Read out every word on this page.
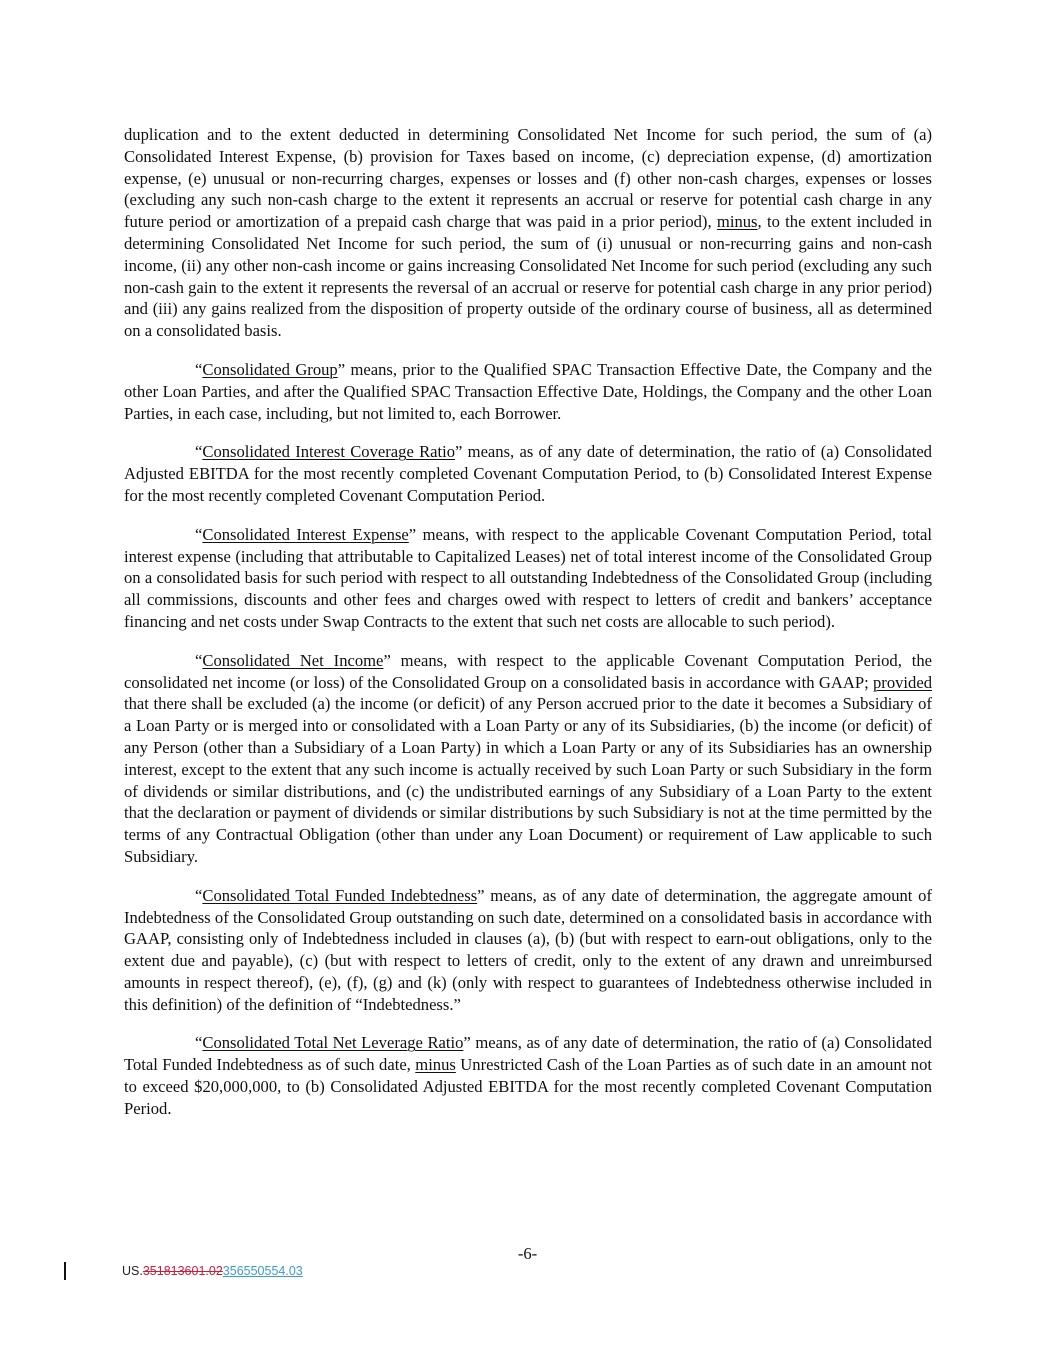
duplication and to the extent deducted in determining Consolidated Net Income for such period, the sum of (a) Consolidated Interest Expense, (b) provision for Taxes based on income, (c) depreciation expense, (d) amortization expense, (e) unusual or non-recurring charges, expenses or losses and (f) other non-cash charges, expenses or losses (excluding any such non-cash charge to the extent it represents an accrual or reserve for potential cash charge in any future period or amortization of a prepaid cash charge that was paid in a prior period), minus, to the extent included in determining Consolidated Net Income for such period, the sum of (i) unusual or non-recurring gains and non-cash income, (ii) any other non-cash income or gains increasing Consolidated Net Income for such period (excluding any such non-cash gain to the extent it represents the reversal of an accrual or reserve for potential cash charge in any prior period) and (iii) any gains realized from the disposition of property outside of the ordinary course of business, all as determined on a consolidated basis.

“Consolidated Group” means, prior to the Qualified SPAC Transaction Effective Date, the Company and the other Loan Parties, and after the Qualified SPAC Transaction Effective Date, Holdings, the Company and the other Loan Parties, in each case, including, but not limited to, each Borrower.

“Consolidated Interest Coverage Ratio” means, as of any date of determination, the ratio of (a) Consolidated Adjusted EBITDA for the most recently completed Covenant Computation Period, to (b) Consolidated Interest Expense for the most recently completed Covenant Computation Period.

“Consolidated Interest Expense” means, with respect to the applicable Covenant Computation Period, total interest expense (including that attributable to Capitalized Leases) net of total interest income of the Consolidated Group on a consolidated basis for such period with respect to all outstanding Indebtedness of the Consolidated Group (including all commissions, discounts and other fees and charges owed with respect to letters of credit and bankers’ acceptance financing and net costs under Swap Contracts to the extent that such net costs are allocable to such period).

“Consolidated Net Income” means, with respect to the applicable Covenant Computation Period, the consolidated net income (or loss) of the Consolidated Group on a consolidated basis in accordance with GAAP; provided that there shall be excluded (a) the income (or deficit) of any Person accrued prior to the date it becomes a Subsidiary of a Loan Party or is merged into or consolidated with a Loan Party or any of its Subsidiaries, (b) the income (or deficit) of any Person (other than a Subsidiary of a Loan Party) in which a Loan Party or any of its Subsidiaries has an ownership interest, except to the extent that any such income is actually received by such Loan Party or such Subsidiary in the form of dividends or similar distributions, and (c) the undistributed earnings of any Subsidiary of a Loan Party to the extent that the declaration or payment of dividends or similar distributions by such Subsidiary is not at the time permitted by the terms of any Contractual Obligation (other than under any Loan Document) or requirement of Law applicable to such Subsidiary.

“Consolidated Total Funded Indebtedness” means, as of any date of determination, the aggregate amount of Indebtedness of the Consolidated Group outstanding on such date, determined on a consolidated basis in accordance with GAAP, consisting only of Indebtedness included in clauses (a), (b) (but with respect to earn-out obligations, only to the extent due and payable), (c) (but with respect to letters of credit, only to the extent of any drawn and unreimbursed amounts in respect thereof), (e), (f), (g) and (k) (only with respect to guarantees of Indebtedness otherwise included in this definition) of the definition of “Indebtedness.”

“Consolidated Total Net Leverage Ratio” means, as of any date of determination, the ratio of (a) Consolidated Total Funded Indebtedness as of such date, minus Unrestricted Cash of the Loan Parties as of such date in an amount not to exceed $20,000,000, to (b) Consolidated Adjusted EBITDA for the most recently completed Covenant Computation Period.

-6-
US.351813601.02356550554.03
